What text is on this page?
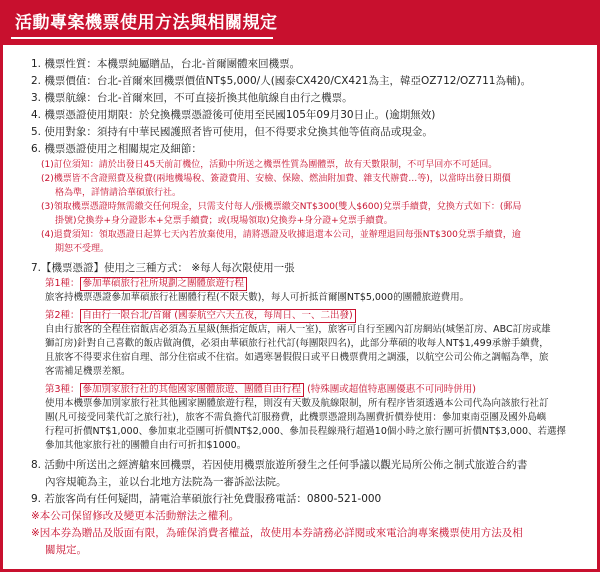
活動專案機票使用方法與相關規定
1. 機票性質：本機票純屬贈品，台北-首爾團體來回機票。
2. 機票價值：台北-首爾來回機票價值NT$5,000/人(國泰CX420/CX421為主，韓亞OZ712/OZ711為輔)。
3. 機票航線：台北-首爾來回，不可直接折換其他航線自由行之機票。
4. 機票憑證使用期限：於兌換機票憑證後可使用至民國105年09月30日止。(逾期無效)
5. 使用對象：須持有中華民國護照者皆可使用，但不得要求兌換其他等值商品或現金。
6. 機票憑證使用之相關規定及細節：
(1)訂位須知：請於出發日45天前訂機位，活動中所送之機票性質為團體票，故有天數限制，不可早回亦不可延回。
(2)機票皆不含證照費及稅費(兩地機場稅、簽證費用、安檢、保險、燃油附加費、雜支代辦費…等)，以當時出發日期價
格為準，詳情請洽華碩旅行社。
(3)領取機票憑證時無需繳交任何現金，只需支付每人/張機票繳交NT$300(雙人$600)兌票手續費，兌換方式如下：(郵局
掛號)兌換券+身分證影本+兌票手續費；或(現場領取)兌換券+身分證+兌票手續費。
(4)退費須知：領取憑證日起算七天內若放棄使用，請將憑證及收據退還本公司，並辦理退回每張NT$300兌票手續費，逾
期恕不受理。
7.【機票憑證】使用之三種方式： ※每人每次限使用一張
第1種： 參加華碩旅行社所規劃之團體旅遊行程
旅客持機票憑證參加華碩旅行社團體行程(不限天數)，每人可折抵首爾團NT$5,000的團體旅遊費用。
第2種： 自由行一限台北/首爾 (國泰航空六天五夜，每周日、一、二出發)
自由行旅客的全程住宿飯店必須為五星級(無指定飯店，兩人一室)，旅客可自行至國內訂房網站(城堡訂房、ABC訂房或雄
獅訂房)針對自己喜歡的飯店做詢價，必須由華碩旅行社代訂(每團限四名)，此部分華碩的收每人NT$1,499承辦手續費，
且旅客不得要求住宿自理、部分住宿或不住宿。如遇寒暑假假日或平日機票費用之調漲，以航空公司公佈之調幅為準，旅
客需補足機票差額。
第3種： 參加別家旅行社的其他國家團體旅遊、團體自由行程 (特殊團或超值特惠團優惠不可同時併用)
使用本機票參加別家旅行社其他國家團體旅遊行程，則沒有天數及航線限制，所有程序皆須透過本公司代為向該旅行社訂
團(凡可接受同業代訂之旅行社)，旅客不需負擔代訂服務費，此機票憑證則為團費折價券使用：參加東南亞團及國外島嶼
行程可折價NT$1,000、參加東北亞團可折價NT$2,000、參加長程線飛行超過10個小時之旅行團可折價NT$3,000、若選擇
參加其他家旅行社的團體自由行可折扣$1000。
8. 活動中所送出之經濟艙來回機票，若因使用機票旅遊所發生之任何爭議以觀光局所公佈之制式旅遊合約書
內容規範為主，並以台北地方法院為一審訴訟法院。
9. 若旅客尚有任何疑問，請電洽華碩旅行社免費服務電話：0800-521-000
※本公司保留修改及變更本活動辦法之權利。
※因本券為贈品及版面有限，為確保消費者權益，故使用本券請務必詳閱或來電洽詢專案機票使用方法及相
關規定。
